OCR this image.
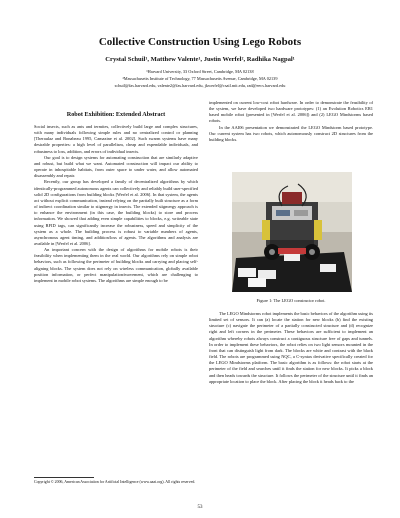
Collective Construction Using Lego Robots
Crystal Schuil¹, Matthew Valente¹, Justin Werfel², Radhika Nagpal¹
¹Harvard University, 33 Oxford Street, Cambridge, MA 02138
²Massachusetts Institute of Technology, 77 Massachusetts Avenue, Cambridge, MA 02139
schuil@fas.harvard.edu, valente2@fas.harvard.edu, jkwerfel@csail.mit.edu, rad@eecs.harvard.edu
Robot Exhibition: Extended Abstract

Social insects, such as ants and termites, collectively build large and complex structures, with many individuals following simple rules and no centralized control or planning [Theraulaz and Bonabeau 1995, Camazine et al. 2002]. Such swarm systems have many desirable properties: a high level of parallelism, cheap and expendable individuals, and robustness to loss, addition, and errors of individual insects.

Our goal is to design systems for automating construction that are similarly adaptive and robust, but build what we want. Automated construction will impact our ability to operate in inhospitable habitats, from outer space to under water, and allow automated disassembly and repair.

Recently, our group has developed a family of decentralized algorithms by which identically-programmed autonomous agents can collectively and reliably build user-specified solid 2D configurations from building blocks [Werfel et al. 2006]. In that system, the agents act without explicit communication, instead relying on the partially built structure as a form of indirect coordination similar to stigmergy in insects. The extended stigmergy approach is to enhance the environment (in this case, the building blocks) to store and process information. We showed that adding even simple capabilities to blocks, e.g. writeable state using RFID tags, can significantly increase the robustness, speed and simplicity of the system as a whole. The building process is robust to variable numbers of agents, asynchronous agent timing, and addition/loss of agents. The algorithms and analysis are available in [Werfel et al. 2006].

An important concern with the design of algorithms for mobile robots is their feasibility when implementing them in the real world. Our algorithms rely on simple robot behaviors, such as following the perimeter of building blocks and carrying and placing self-aligning blocks. The system does not rely on wireless communication, globally available position information, or perfect manipulation/movement, which are challenging to implement in mobile robot systems. The algorithms are simple enough to be

implemented on current low-cost robot hardware. In order to demonstrate the feasibility of the system, we have developed two hardware prototypes: (1) an Evolution Robotics ER1 based mobile robot (presented in [Werfel et al. 2006]) and (2) LEGO Mindstorms based robots.

In the AAI06 presentation we demonstrated the LEGO Mindstorm based prototype. Our current system has two robots, which autonomously construct 2D structures from the building blocks.

Figure 1: The LEGO constructor robot.

The LEGO Mindstorms robot implements the basic behaviors of the algorithm using its limited set of sensors. It can (a) locate the station for new blocks (b) find the existing structure (c) navigate the perimeter of a partially constructed structure and (d) recognize right and left corners in the perimeter. These behaviors are sufficient to implement an algorithm whereby robots always construct a contiguous structure free of gaps and tunnels. In order to implement these behaviors, the robot relies on two light sensors mounted in the front that can distinguish light from dark. The blocks are white and contrast with the black field. The robots are programmed using NQC, a C-syntax derivative specifically created for the LEGO Mindstorms platform. The basic algorithm is as follows: the robot starts at the perimeter of the field and searches until it finds the station for new blocks. It picks a block and then heads towards the structure. It follows the perimeter of the structure until it finds an appropriate location to place the block. After placing the block it heads back to the

Copyright © 2006, American Association for Artificial Intelligence (www.aaai.org). All rights reserved.
53
